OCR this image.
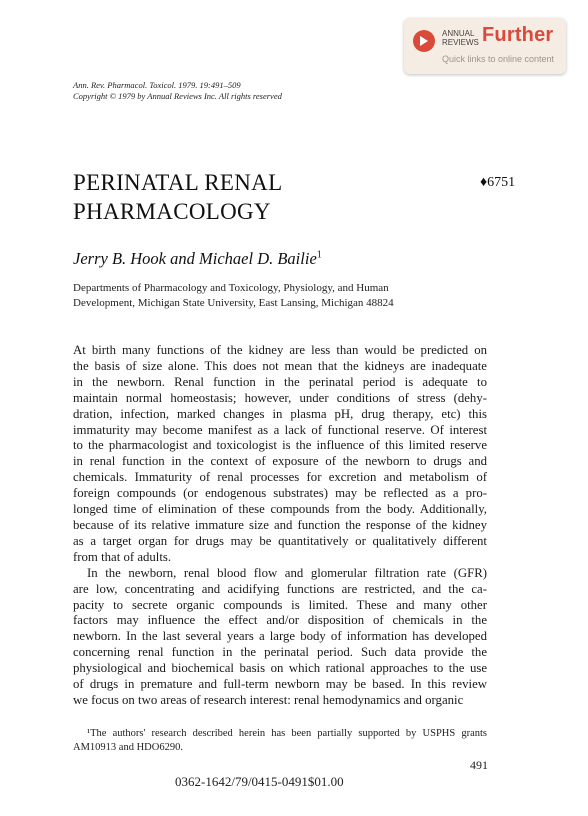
ANNUAL
REVIEWS Further
Quick links to online content
Ann. Rev. Pharmacol. Toxicol. 1979. 19:491–509
Copyright © 1979 by Annual Reviews Inc. All rights reserved
PERINATAL RENAL
PHARMACOLOGY
♦6751
Jerry B. Hook and Michael D. Bailie$^1$
Departments of Pharmacology and Toxicology, Physiology, and Human
Development, Michigan State University, East Lansing, Michigan 48824
At birth many functions of the kidney are less than would be predicted on
the basis of size alone. This does not mean that the kidneys are inadequate
in the newborn. Renal function in the perinatal period is adequate to
maintain normal homeostasis; however, under conditions of stress (dehy-
dration, infection, marked changes in plasma pH, drug therapy, etc) this
immaturity may become manifest as a lack of functional reserve. Of interest
to the pharmacologist and toxicologist is the influence of this limited reserve
in renal function in the context of exposure of the newborn to drugs and
chemicals. Immaturity of renal processes for excretion and metabolism of
foreign compounds (or endogenous substrates) may be reflected as a pro-
longed time of elimination of these compounds from the body. Additionally,
because of its relative immature size and function the response of the kidney
as a target organ for drugs may be quantitatively or qualitatively different
from that of adults.
In the newborn, renal blood flow and glomerular filtration rate (GFR)
are low, concentrating and acidifying functions are restricted, and the ca-
pacity to secrete organic compounds is limited. These and many other
factors may influence the effect and/or disposition of chemicals in the
newborn. In the last several years a large body of information has developed
concerning renal function in the perinatal period. Such data provide the
physiological and biochemical basis on which rational approaches to the use
of drugs in premature and full-term newborn may be based. In this review
we focus on two areas of research interest: renal hemodynamics and organic
¹The authors' research described herein has been partially supported by USPHS grants
AM10913 and HDO6290.
491
0362-1642/79/0415-0491$01.00
